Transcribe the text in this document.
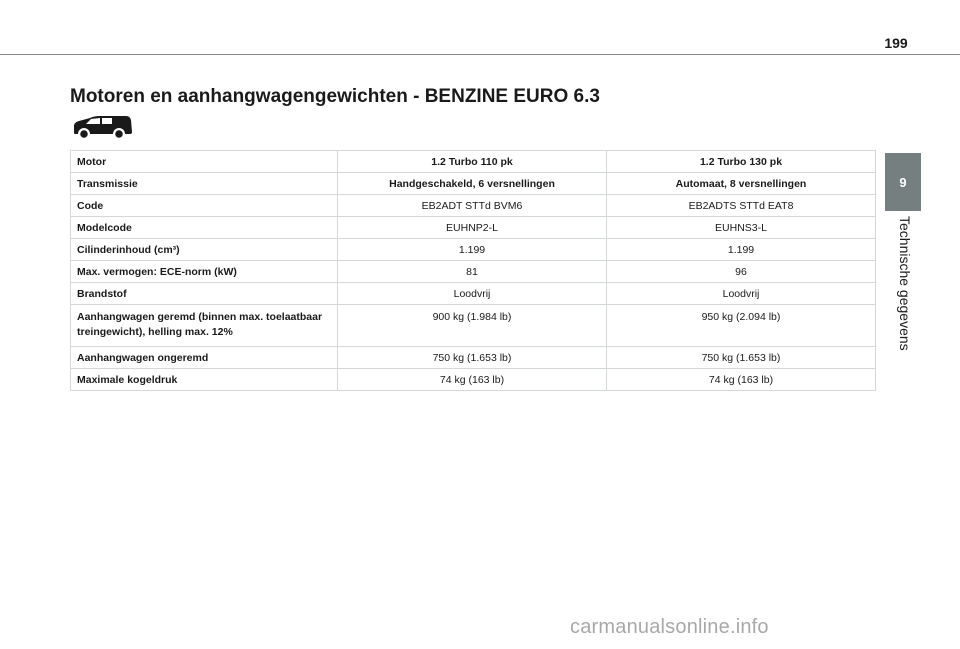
199
Motoren en aanhangwagengewichten - BENZINE EURO 6.3
Motor	1.2 Turbo 110 pk	1.2 Turbo 130 pk
Transmissie	Handgeschakeld, 6 versnellingen	Automaat, 8 versnellingen
Code	EB2ADT STTd BVM6	EB2ADTS STTd EAT8
Modelcode	EUHNP2-L	EUHNS3-L
Cilinderinhoud (cm³)	1.199	1.199
Max. vermogen: ECE-norm (kW)	81	96
Brandstof	Loodvrij	Loodvrij
Aanhangwagen geremd (binnen max. toelaatbaar treingewicht), helling max. 12%	900 kg (1.984 lb)	950 kg (2.094 lb)
Aanhangwagen ongeremd	750 kg (1.653 lb)	750 kg (1.653 lb)
Maximale kogeldruk	74 kg (163 lb)	74 kg (163 lb)
9
Technische gegevens
carmanualsonline.info
